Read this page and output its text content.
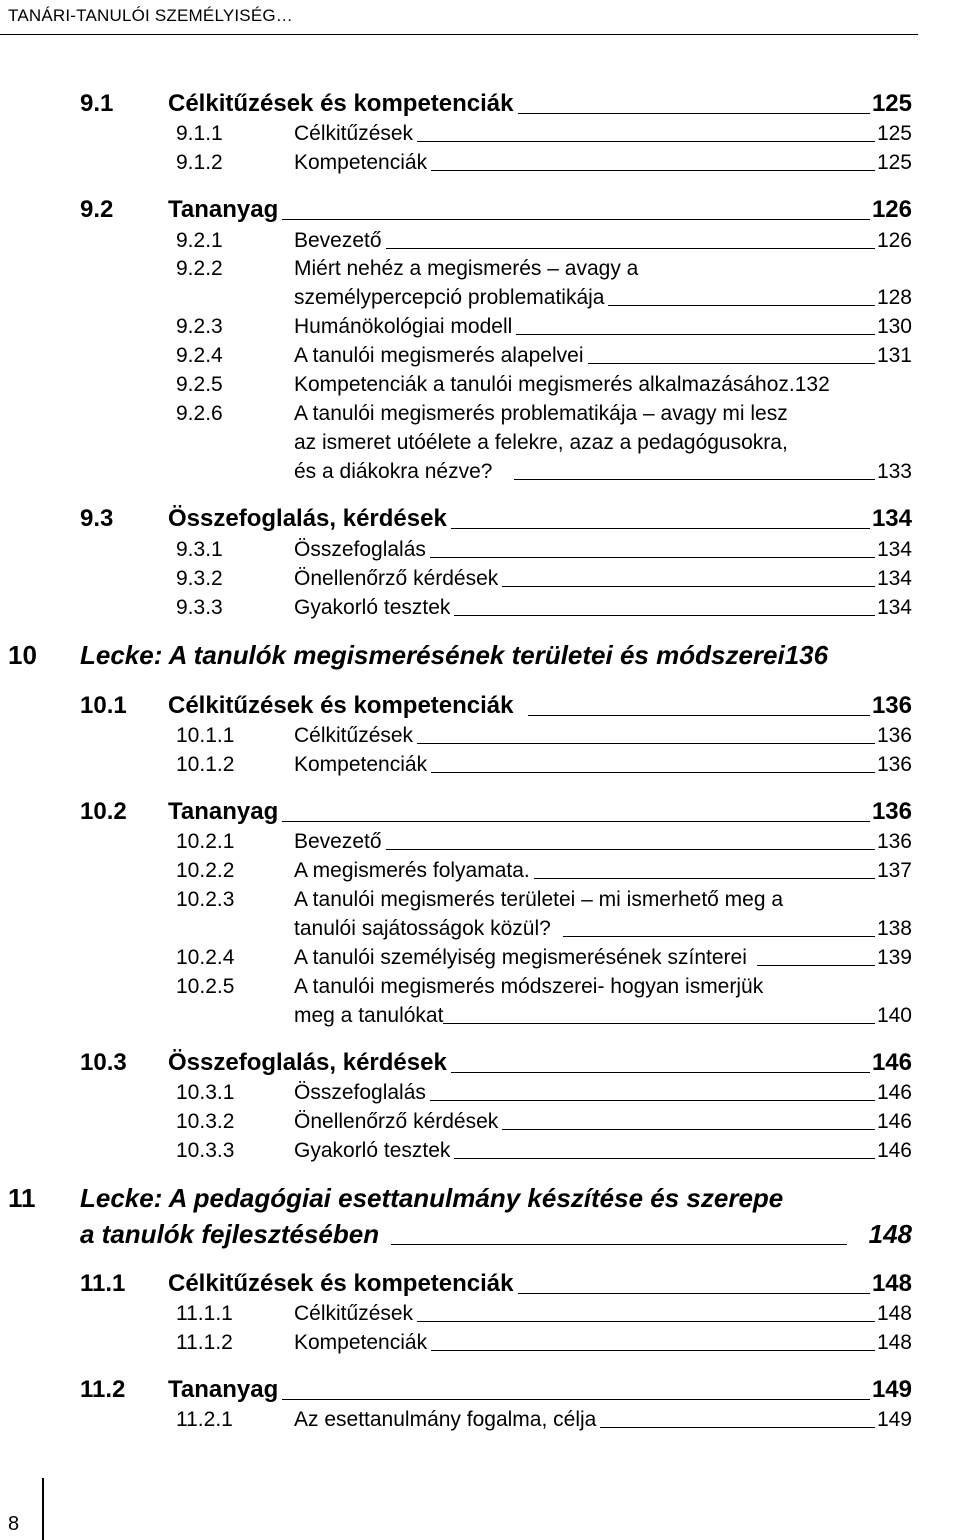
TANÁRI-TANULÓI SZEMÉLYISÉG…
9.1	Célkitűzések és kompetenciák	125
9.1.1	Célkitűzések	125
9.1.2	Kompetenciák	125
9.2	Tananyag	126
9.2.1	Bevezető	126
9.2.2	Miért nehéz a megismerés – avagy a
személypercepció problematikája	128
9.2.3	Humánökológiai modell	130
9.2.4	A tanulói megismerés alapelvei	131
9.2.5	Kompetenciák a tanulói megismerés alkalmazásához. 132
9.2.6	A tanulói megismerés problematikája – avagy mi lesz
az ismeret utóélete a felekre, azaz a pedagógusokra,
és a diákokra nézve?	133
9.3	Összefoglalás, kérdések	134
9.3.1	Összefoglalás	134
9.3.2	Önellenőrző kérdések	134
9.3.3	Gyakorló tesztek	134
10	Lecke: A tanulók megismerésének területei és módszerei 136
10.1	Célkitűzések és kompetenciák	136
10.1.1	Célkitűzések	136
10.1.2	Kompetenciák	136
10.2	Tananyag	136
10.2.1	Bevezető	136
10.2.2	A megismerés folyamata.	137
10.2.3	A tanulói megismerés területei – mi ismerhető meg a
tanulói sajátosságok közül?	138
10.2.4	A tanulói személyiség megismerésének színterei	139
10.2.5	A tanulói megismerés módszerei- hogyan ismerjük
meg a tanulókat	140
10.3	Összefoglalás, kérdések	146
10.3.1	Összefoglalás	146
10.3.2	Önellenőrző kérdések	146
10.3.3	Gyakorló tesztek	146
11	Lecke: A pedagógiai esettanulmány készítése és szerepe
a tanulók fejlesztésében	148
11.1	Célkitűzések és kompetenciák	148
11.1.1	Célkitűzések	148
11.1.2	Kompetenciák	148
11.2	Tananyag	149
11.2.1	Az esettanulmány fogalma, célja	149
8
